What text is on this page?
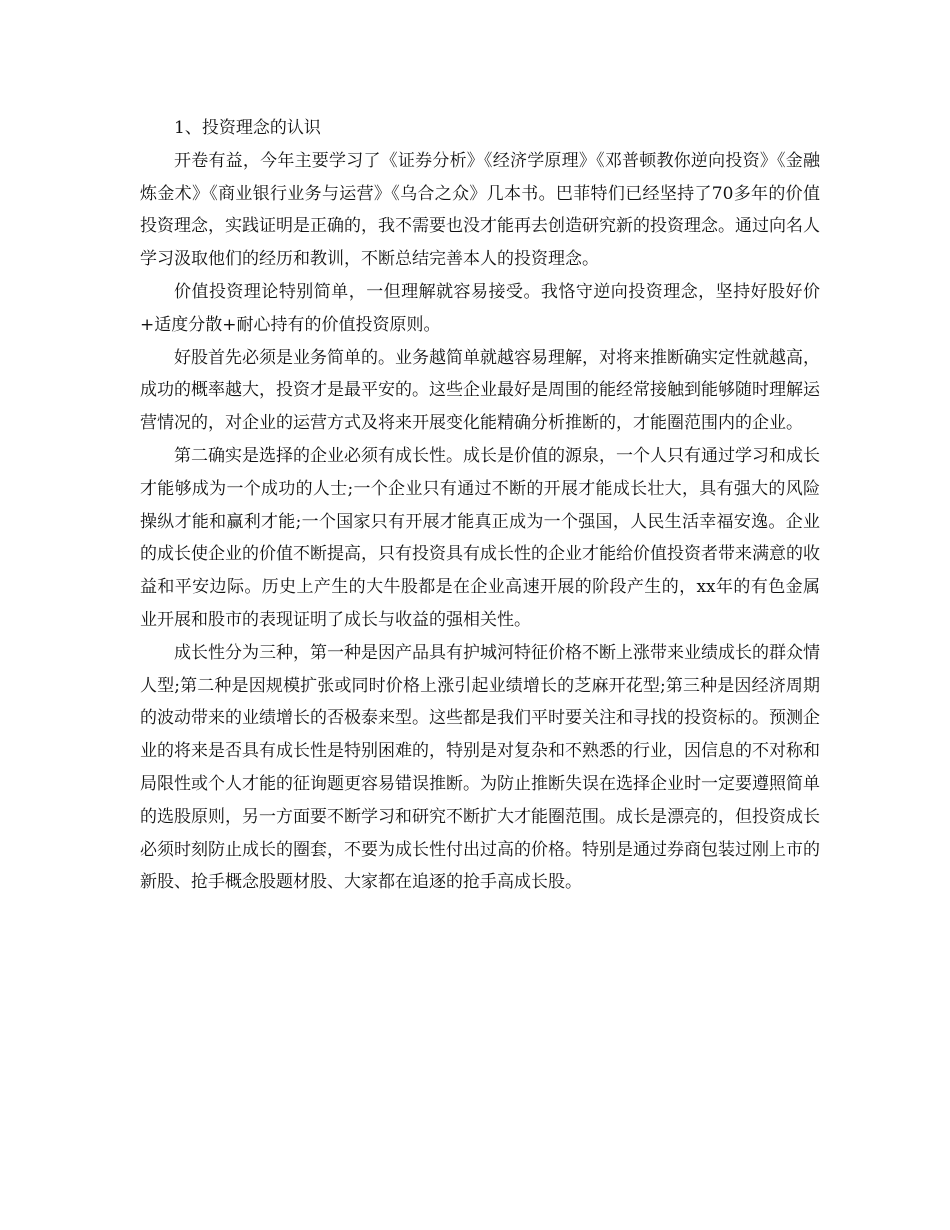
1、投资理念的认识

开卷有益，今年主要学习了《证券分析》《经济学原理》《邓普顿教你逆向投资》《金融炼金术》《商业银行业务与运营》《乌合之众》几本书。巴菲特们已经坚持了70多年的价值投资理念，实践证明是正确的，我不需要也没才能再去创造研究新的投资理念。通过向名人学习汲取他们的经历和教训，不断总结完善本人的投资理念。

价值投资理论特别简单，一但理解就容易接受。我恪守逆向投资理念，坚持好股好价+适度分散+耐心持有的价值投资原则。

好股首先必须是业务简单的。业务越简单就越容易理解，对将来推断确实定性就越高，成功的概率越大，投资才是最平安的。这些企业最好是周围的能经常接触到能够随时理解运营情况的，对企业的运营方式及将来开展变化能精确分析推断的，才能圈范围内的企业。

第二确实是选择的企业必须有成长性。成长是价值的源泉，一个人只有通过学习和成长才能够成为一个成功的人士;一个企业只有通过不断的开展才能成长壮大，具有强大的风险操纵才能和赢利才能;一个国家只有开展才能真正成为一个强国，人民生活幸福安逸。企业的成长使企业的价值不断提高，只有投资具有成长性的企业才能给价值投资者带来满意的收益和平安边际。历史上产生的大牛股都是在企业高速开展的阶段产生的，xx年的有色金属业开展和股市的表现证明了成长与收益的强相关性。

成长性分为三种，第一种是因产品具有护城河特征价格不断上涨带来业绩成长的群众情人型;第二种是因规模扩张或同时价格上涨引起业绩增长的芝麻开花型;第三种是因经济周期的波动带来的业绩增长的否极泰来型。这些都是我们平时要关注和寻找的投资标的。预测企业的将来是否具有成长性是特别困难的，特别是对复杂和不熟悉的行业，因信息的不对称和局限性或个人才能的征询题更容易错误推断。为防止推断失误在选择企业时一定要遵照简单的选股原则，另一方面要不断学习和研究不断扩大才能圈范围。成长是漂亮的，但投资成长必须时刻防止成长的圈套，不要为成长性付出过高的价格。特别是通过券商包装过刚上市的新股、抢手概念股题材股、大家都在追逐的抢手高成长股。
